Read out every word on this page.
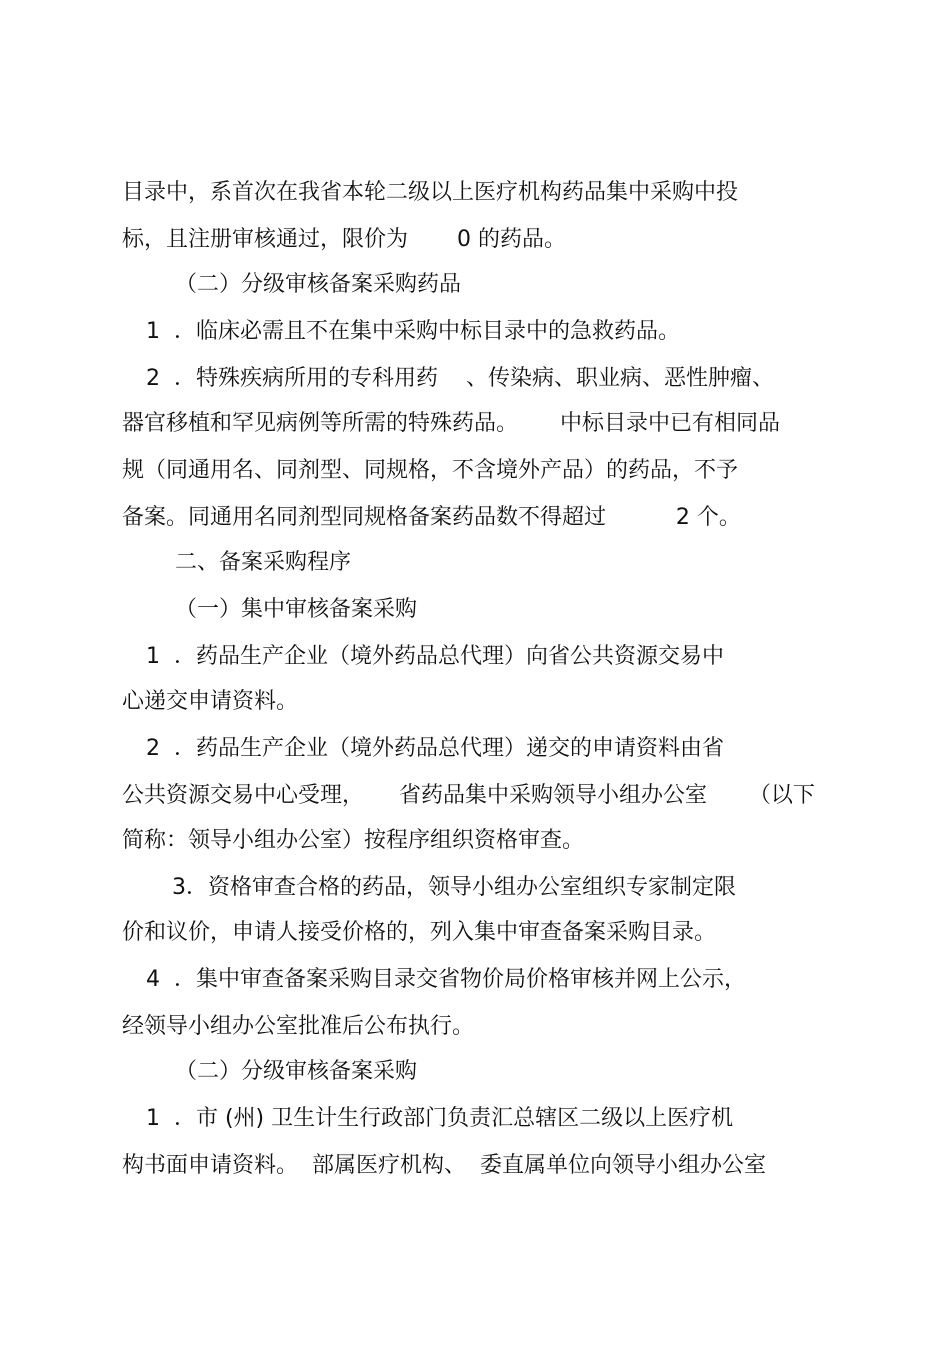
目录中，系首次在我省本轮二级以上医疗机构药品集中采购中投
标，且注册审核通过，限价为       0 的药品。
（二）分级审核备案采购药品
1  ．临床必需且不在集中采购中标目录中的急救药品。
2  ．特殊疾病所用的专科用药    、传染病、职业病、恶性肿瘤、
器官移植和罕见病例等所需的特殊药品。      中标目录中已有相同品
规（同通用名、同剂型、同规格，不含境外产品）的药品，不予
备案。同通用名同剂型同规格备案药品数不得超过          2 个。
二、备案采购程序
（一）集中审核备案采购
1  ．药品生产企业（境外药品总代理）向省公共资源交易中
心递交申请资料。
2  ．药品生产企业（境外药品总代理）递交的申请资料由省
公共资源交易中心受理，     省药品集中采购领导小组办公室      （以下
简称：领导小组办公室）按程序组织资格审查。
3．资格审查合格的药品，领导小组办公室组织专家制定限
价和议价，申请人接受价格的，列入集中审查备案采购目录。
4  ．集中审查备案采购目录交省物价局价格审核并网上公示，
经领导小组办公室批准后公布执行。
（二）分级审核备案采购
1  ．市 (州) 卫生计生行政部门负责汇总辖区二级以上医疗机
构书面申请资料。  部属医疗机构、  委直属单位向领导小组办公室
